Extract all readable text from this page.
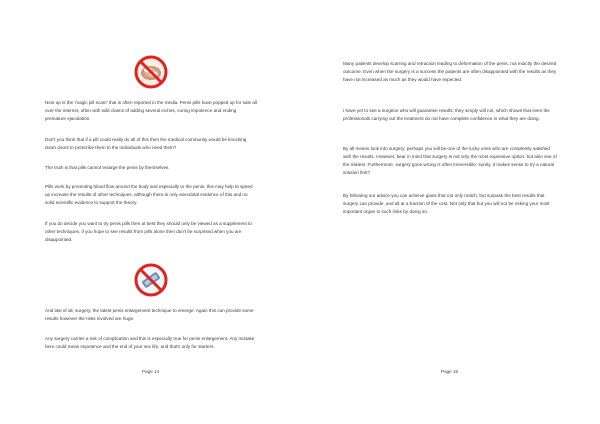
Next up is the 'magic pill scam' that is often reported in the media. Penis pills have popped up for sale all over the internet, often with wild claims of adding several inches, curing impotence and ending premature ejaculation.

Don't you think that if a pill could really do all of this then the medical community would be knocking down doors to prescribe them to the individuals who need them?

The truth is that pills cannot enlarge the penis by themselves.

Pills work by promoting blood flow around the body and especially to the penis, this may help to speed up increase the results of other techniques, although there is only anecdotal evidence of this and no solid scientific evidence to support the theory.

If you do decide you want to try penis pills then at best they should only be viewed as a supplement to other techniques, if you hope to see results from pills alone then don't be surprised when you are disappointed.

And last of all, surgery, the latest penis enlargement technique to emerge. Again this can provide some results however the risks involved are huge.

Any surgery carries a risk of complication and this is especially true for penis enlargement. Any mistake here could mean impotence and the end of your sex life, and that's only for starters.

Page 14

Many patients develop scarring and retraction leading to deformation of the penis, not exactly the desired outcome. Even when the surgery is a success the patients are often disappointed with the results as they have not increased as much as they would have expected.

I have yet to see a surgeon who will guarantee results; they simply will not, which shows that even the professionals carrying out the treatment do not have complete confidence in what they are doing.

By all means look into surgery; perhaps you will be one of the lucky ones who are completely satisfied with the results. However, bear in mind that surgery is not only the most expensive option, but also one of the riskiest. Furthermore, surgery gone wrong is often irreversible; surely, it makes sense to try a natural solution first?

By following our advice you can achieve gains that not only match, but surpass the best results that surgery can provide, and all at a fraction of the cost. Not only that but you will not be risking your most important organ to such risks by doing so.

Page 15
